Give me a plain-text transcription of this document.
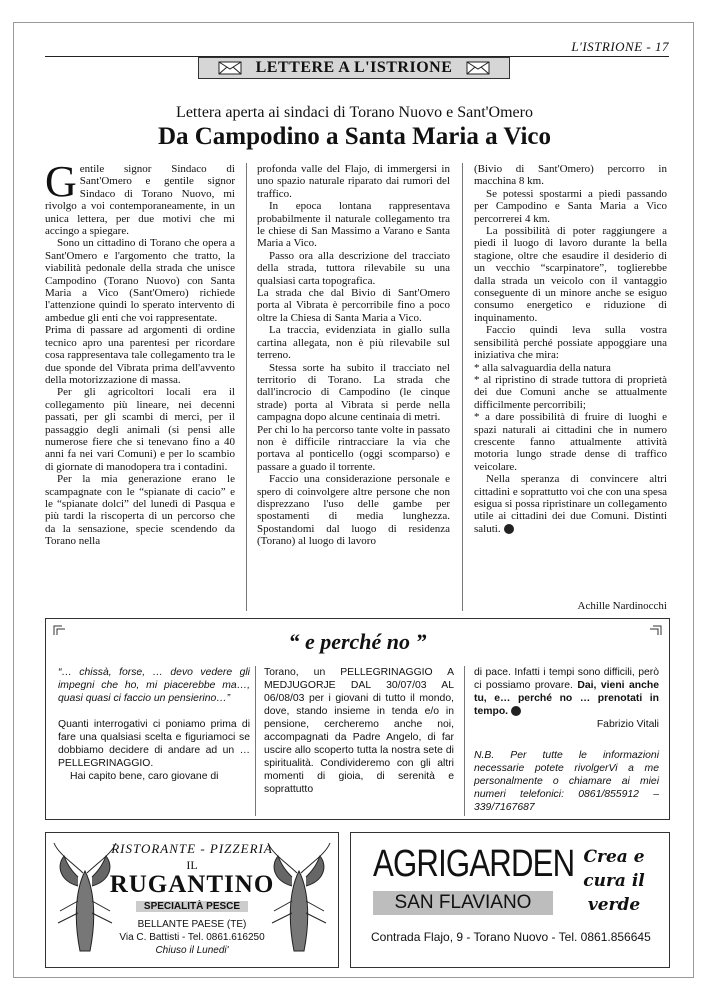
L'ISTRIONE - 17
LETTERE A L'ISTRIONE
Lettera aperta ai sindaci di Torano Nuovo e Sant'Omero
Da Campodino a Santa Maria a Vico
G entile signor Sindaco di Sant'Omero e gentile signor Sindaco di Torano Nuovo, mi rivolgo a voi contemporaneamente, in un unica lettera, per due motivi che mi accingo a spiegare.

Sono un cittadino di Torano che opera a Sant'Omero e l'argomento che tratto, la viabilità pedonale della strada che unisce Campodino (Torano Nuovo) con Santa Maria a Vico (Sant'Omero) richiede l'attenzione quindi lo sperato intervento di ambedue gli enti che voi rappresentate.

Prima di passare ad argomenti di ordine tecnico apro una parentesi per ricordare cosa rappresentava tale collegamento tra le due sponde del Vibrata prima dell'avvento della motorizzazione di massa.

Per gli agricoltori locali era il collegamento più lineare, nei decenni passati, per gli scambi di merci, per il passaggio degli animali (si pensi alle numerose fiere che si tenevano fino a 40 anni fa nei vari Comuni) e per lo scambio di giornate di manodopera tra i contadini.

Per la mia generazione erano le scampagnate con le “spianate di cacio” e le “spianate dolci” del lunedì di Pasqua e più tardi la riscoperta di un percorso che da la sensazione, specie scendendo da Torano nella

profonda valle del Flajo, di immergersi in uno spazio naturale riparato dai rumori del traffico.

In epoca lontana rappresentava probabilmente il naturale collegamento tra le chiese di San Massimo a Varano e Santa Maria a Vico.

Passo ora alla descrizione del tracciato della strada, tuttora rilevabile su una qualsiasi carta topografica.

La strada che dal Bivio di Sant'Omero porta al Vibrata è percorribile fino a poco oltre la Chiesa di Santa Maria a Vico.

La traccia, evidenziata in giallo sulla cartina allegata, non è più rilevabile sul terreno.

Stessa sorte ha subito il tracciato nel territorio di Torano. La strada che dall'incrocio di Campodino (le cinque strade) porta al Vibrata si perde nella campagna dopo alcune centinaia di metri.

Per chi lo ha percorso tante volte in passato non è difficile rintracciare la via che portava al ponticello (oggi scomparso) e passare a guado il torrente.

Faccio una considerazione personale e spero di coinvolgere altre persone che non disprezzano l'uso delle gambe per spostamenti di media lunghezza. Spostandomi dal luogo di residenza (Torano) al luogo di lavoro

(Bivio di Sant'Omero) percorro in macchina 8 km.

Se potessi spostarmi a piedi passando per Campodino e Santa Maria a Vico percorrerei 4 km.

La possibilità di poter raggiungere a piedi il luogo di lavoro durante la bella stagione, oltre che esaudire il desiderio di un vecchio “scarpinatore”, toglierebbe dalla strada un veicolo con il vantaggio conseguente di un minore anche se esiguo consumo energetico e riduzione di inquinamento.

Faccio quindi leva sulla vostra sensibilità perché possiate appoggiare una iniziativa che mira:

* alla salvaguardia della natura

* al ripristino di strade tuttora di proprietà dei due Comuni anche se attualmente difficilmente percorribili;

* a dare possibilità di fruire di luoghi e spazi naturali ai cittadini che in numero crescente fanno attualmente attività motoria lungo strade dense di traffico veicolare.

Nella speranza di convincere altri cittadini e soprattutto voi che con una spesa esigua si possa ripristinare un collegamento utile ai cittadini dei due Comuni. Distinti saluti.

Achille Nardinocchi
“ e perché no ”

“… chissà, forse, … devo vedere gli impegni che ho, mi piacerebbe ma…, quasi quasi ci faccio un pensierino…”

Quanti interrogativi ci poniamo prima di fare una qualsiasi scelta e figuriamoci se dobbiamo decidere di andare ad un … PELLEGRINAGGIO.

Hai capito bene, caro giovane di

Torano, un PELLEGRINAGGIO A MEDJUGORJE DAL 30/07/03 AL 06/08/03 per i giovani di tutto il mondo, dove, stando insieme in tenda e/o in pensione, cercheremo anche noi, accompagnati da Padre Angelo, di far uscire allo scoperto tutta la nostra sete di spiritualità. Condivideremo con gli altri momenti di gioia, di serenità e soprattutto

di pace. Infatti i tempi sono difficili, però ci possiamo provare. Dai, vieni anche tu, e… perché no … prenotati in tempo.

Fabrizio Vitali

N.B. Per tutte le informazioni necessarie potete rivolgerVi a me personalmente o chiamare ai miei numeri telefonici: 0861/855912 – 339/7167687

RISTORANTE - PIZZERIA
IL
RUGANTINO
SPECIALITÀ PESCE
BELLANTE PAESE (TE)
Via C. Battisti - Tel. 0861.616250
Chiuso il Lunedi'
AGRIGARDEN
SAN FLAVIANO
Crea e
cura il
verde
Contrada Flajo, 9 - Torano Nuovo - Tel. 0861.856645
